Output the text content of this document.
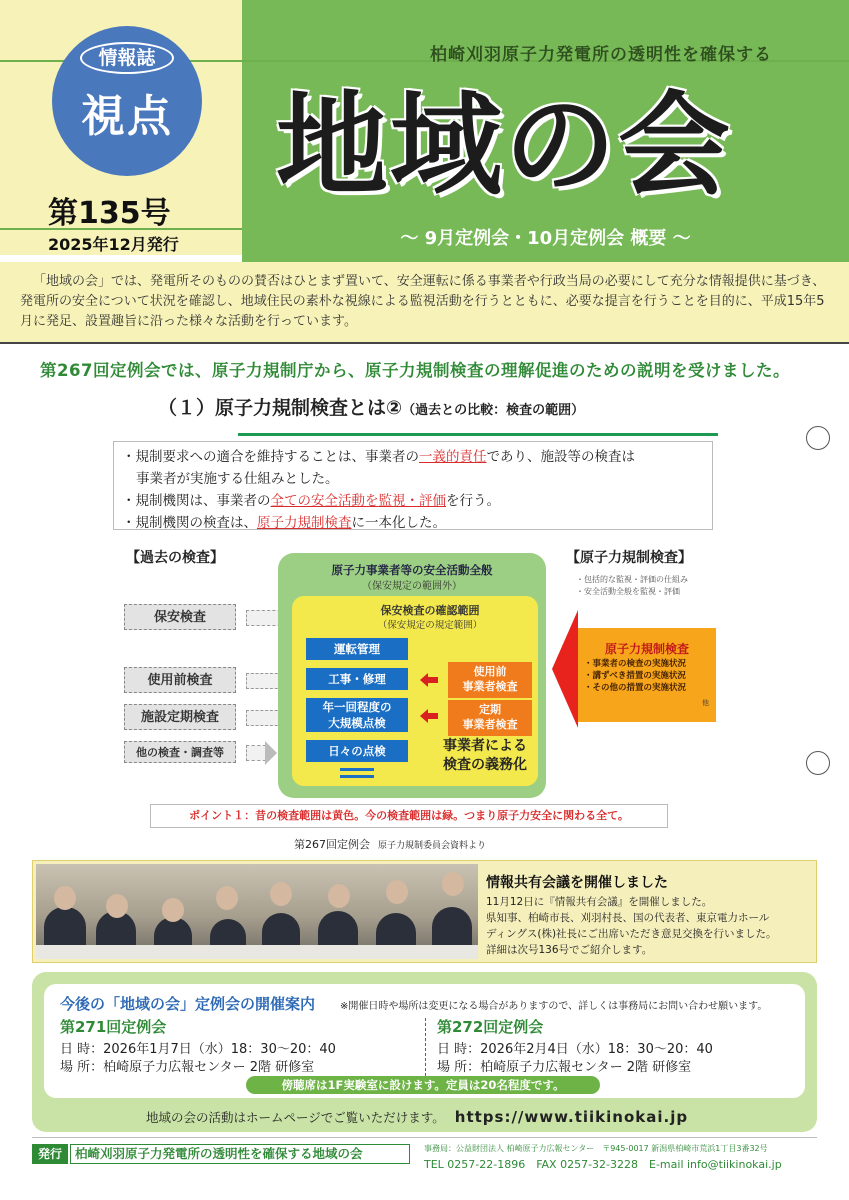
情報誌
視点
第135号
2025年12月発行
柏崎刈羽原子力発電所の透明性を確保する
地域の会
～ 9月定例会・10月定例会 概要 ～

「地域の会」では、発電所そのものの賛否はひとまず置いて、安全運転に係る事業者や行政当局の必要にして充分な情報提供に基づき、発電所の安全について状況を確認し、地域住民の素朴な視線による監視活動を行うとともに、必要な提言を行うことを目的に、平成15年5月に発足、設置趣旨に沿った様々な活動を行っています。

第267回定例会では、原子力規制庁から、原子力規制検査の理解促進のための説明を受けました。
（１）原子力規制検査とは②（過去との比較：検査の範囲）
・規制要求への適合を維持することは、事業者の一義的責任であり、施設等の検査は
事業者が実施する仕組みとした。
・規制機関は、事業者の全ての安全活動を監視・評価を行う。
・規制機関の検査は、原子力規制検査に一本化した。
【過去の検査】	【原子力規制検査】
・包括的な監視・評価の仕組み
・安全活動全般を監視・評価
保安検査
使用前検査
施設定期検査
他の検査・調査等
原子力事業者等の安全活動全般
（保安規定の範囲外）
保安検査の確認範囲
（保安規定の規定範囲）
運転管理
工事・修理
年一回程度の
大規模点検
日々の点検
使用前
事業者検査
定期
事業者検査
事業者による
検査の義務化
原子力規制検査
・事業者の検査の実施状況
・講ずべき措置の実施状況
・その他の措置の実施状況
他
ポイント１：昔の検査範囲は黄色。今の検査範囲は緑。つまり原子力安全に関わる全て。
第267回定例会 原子力規制委員会資料より
情報共有会議を開催しました
11月12日に『情報共有会議』を開催しました。
県知事、柏崎市長、刈羽村長、国の代表者、東京電力ホール
ディングス(株)社長にご出席いただき意見交換を行いました。
詳細は次号136号でご紹介します。
今後の「地域の会」定例会の開催案内 ※開催日時や場所は変更になる場合がありますので、詳しくは事務局にお問い合わせ願います。
第271回定例会
日 時：2026年1月7日（水）18：30～20：40
場 所：柏崎原子力広報センター 2階 研修室
第272回定例会
日 時：2026年2月4日（水）18：30～20：40
場 所：柏崎原子力広報センター 2階 研修室
傍聴席は1F実験室に設けます。定員は20名程度です。
地域の会の活動はホームページでご覧いただけます。 https://www.tiikinokai.jp
発行	柏崎刈羽原子力発電所の透明性を確保する地域の会	事務局：公益財団法人 柏崎原子力広報センター　〒945-0017 新潟県柏崎市荒浜1丁目3番32号
TEL 0257-22-1896　FAX 0257-32-3228　E-mail info@tiikinokai.jp
